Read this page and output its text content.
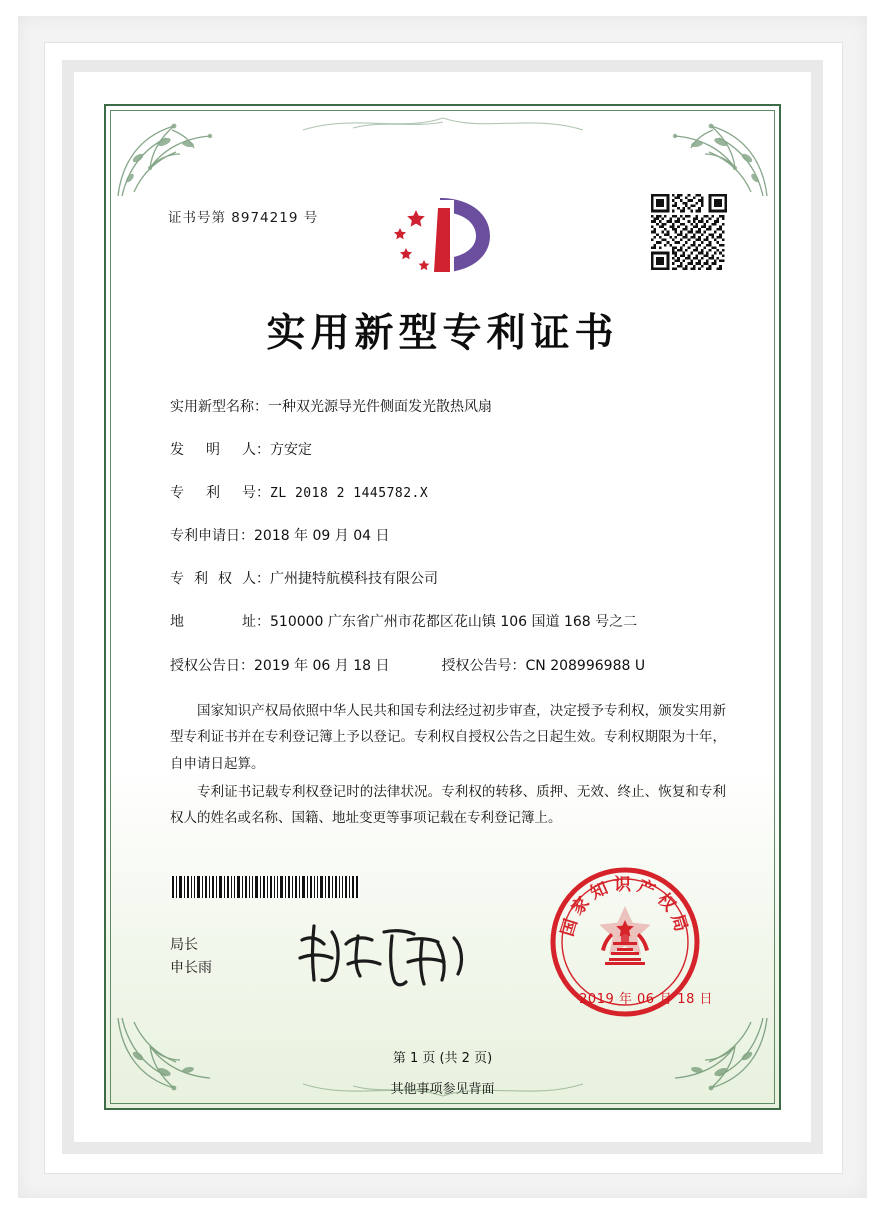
证书号第 8974219 号
实用新型专利证书
实用新型名称： 一种双光源导光件侧面发光散热风扇
发明人 ： 方安定
专利号 ： ZL 2018 2 1445782.X
专利申请日： 2018 年 09 月 04 日
专利权人 ： 广州捷特航模科技有限公司
地址 ： 510000 广东省广州市花都区花山镇 106 国道 168 号之二
授权公告日： 2019 年 06 月 18 日	授权公告号： CN 208996988 U

国家知识产权局依照中华人民共和国专利法经过初步审查，决定授予专利权，颁发实用新型专利证书并在专利登记簿上予以登记。专利权自授权公告之日起生效。专利权期限为十年，自申请日起算。

专利证书记载专利权登记时的法律状况。专利权的转移、质押、无效、终止、恢复和专利权人的姓名或名称、国籍、地址变更等事项记载在专利登记簿上。

局长
申长雨
国家知识产权局
2019 年 06 月 18 日
第 1 页 (共 2 页)
其他事项参见背面
